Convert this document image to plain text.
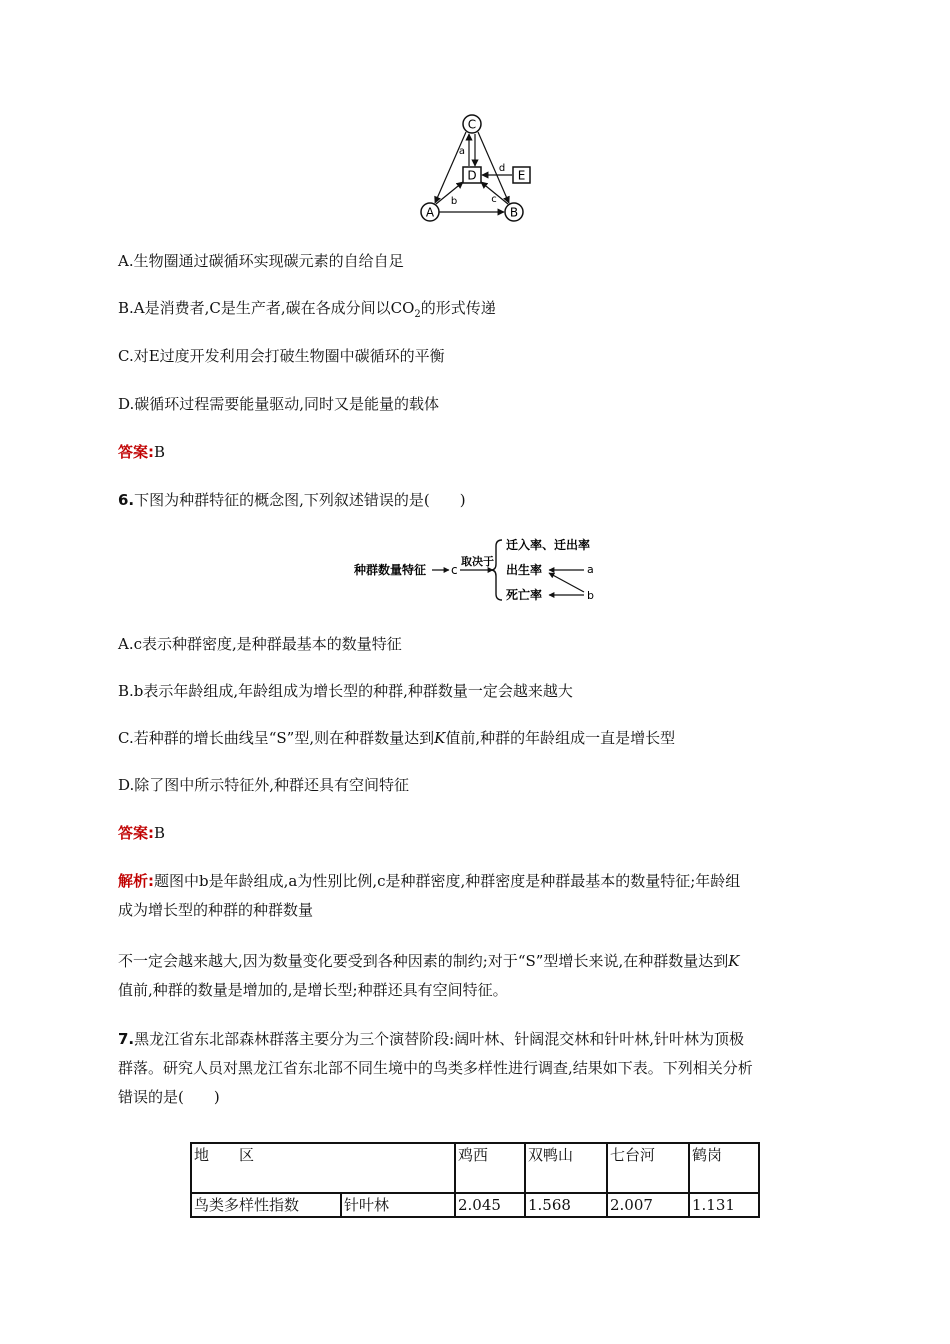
C
D	E
A	B
a
d
b	c
A.生物圈通过碳循环实现碳元素的自给自足
B.A是消费者,C是生产者,碳在各成分间以$CO_2$的形式传递
C.对E过度开发利用会打破生物圈中碳循环的平衡
D.碳循环过程需要能量驱动,同时又是能量的载体
答案:B
6.下图为种群特征的概念图,下列叙述错误的是(　　)
种群数量特征 c
取决于
迁入率、迁出率
出生率
死亡率
a
b
A.c表示种群密度,是种群最基本的数量特征
B.b表示年龄组成,年龄组成为增长型的种群,种群数量一定会越来越大
C.若种群的增长曲线呈“S”型,则在种群数量达到K值前,种群的年龄组成一直是增长型
D.除了图中所示特征外,种群还具有空间特征
答案:B
解析:题图中b是年龄组成,a为性别比例,c是种群密度,种群密度是种群最基本的数量特征;年龄组
成为增长型的种群的种群数量
不一定会越来越大,因为数量变化要受到各种因素的制约;对于“S”型增长来说,在种群数量达到K
值前,种群的数量是增加的,是增长型;种群还具有空间特征。
7.黑龙江省东北部森林群落主要分为三个演替阶段:阔叶林、针阔混交林和针叶林,针叶林为顶极
群落。研究人员对黑龙江省东北部不同生境中的鸟类多样性进行调查,结果如下表。下列相关分析
错误的是(　　)
地　　区		鸡西	双鸭山	七台河	鹤岗
鸟类多样性指数	针叶林	2.045	1.568	2.007	1.131
